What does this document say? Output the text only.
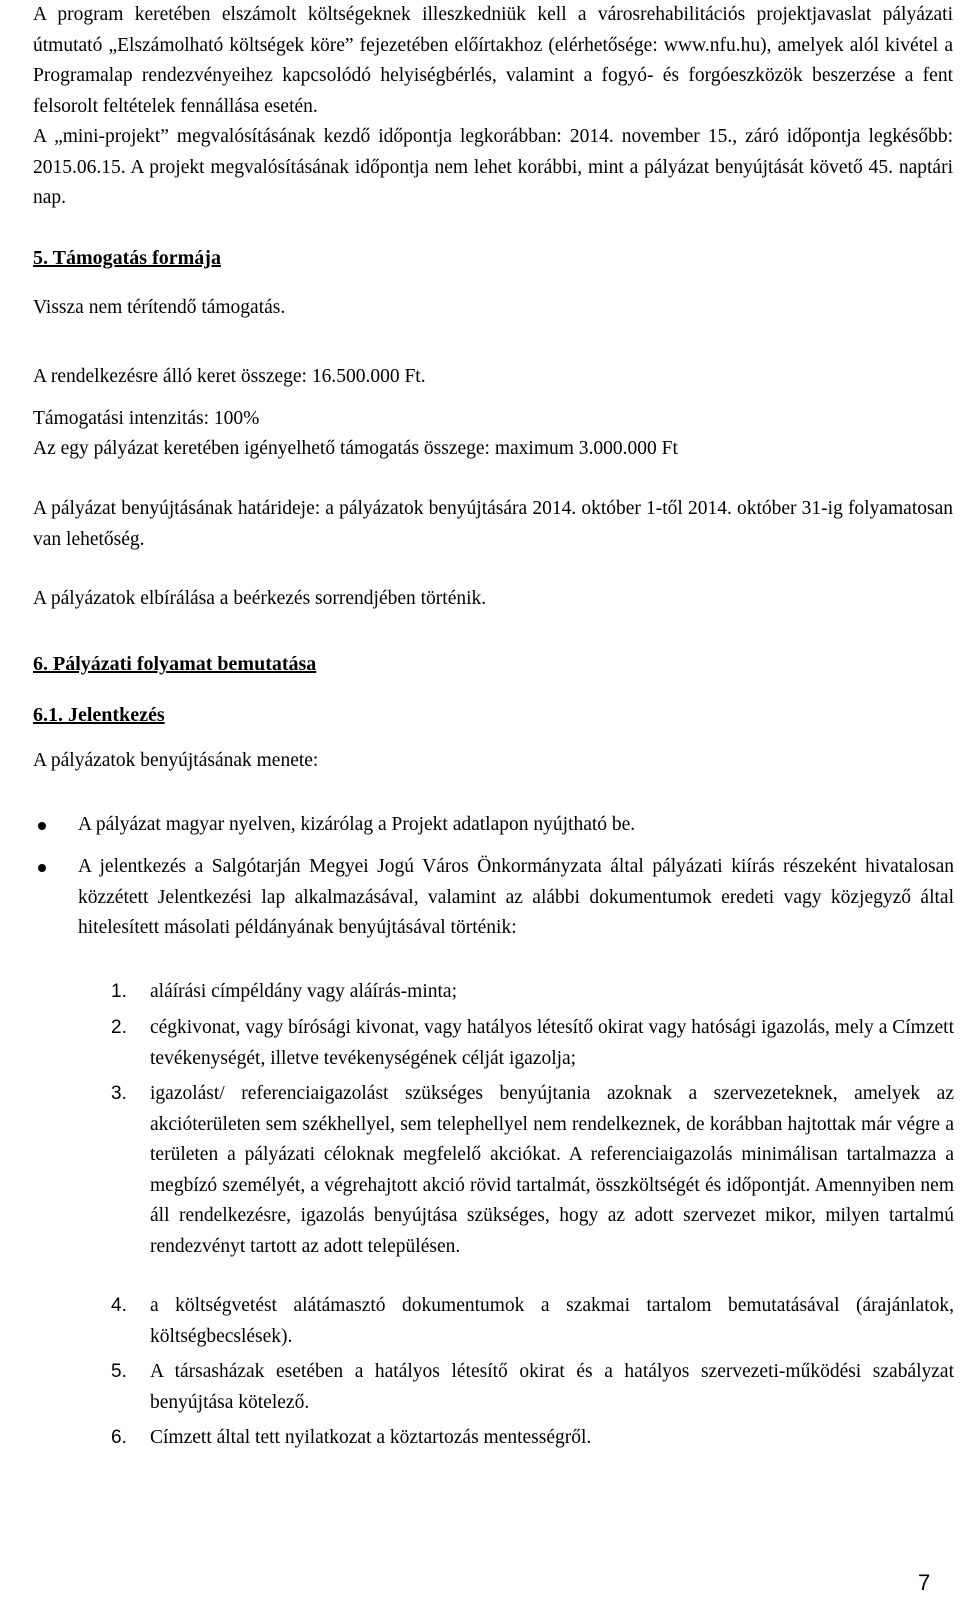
A program keretében elszámolt költségeknek illeszkedniük kell a városrehabilitációs projektjavaslat pályázati útmutató „Elszámolható költségek köre” fejezetében előírtakhoz (elérhetősége: www.nfu.hu), amelyek alól kivétel a Programalap rendezvényeihez kapcsolódó helyiségbérlés, valamint a fogyó- és forgóeszközök beszerzése a fent felsorolt feltételek fennállása esetén.

A „mini-projekt” megvalósításának kezdő időpontja legkorábban: 2014. november 15., záró időpontja legkésőbb: 2015.06.15. A projekt megvalósításának időpontja nem lehet korábbi, mint a pályázat benyújtását követő 45. naptári nap.

5. Támogatás formája

Vissza nem térítendő támogatás.

A rendelkezésre álló keret összege: 16.500.000 Ft.

Támogatási intenzitás: 100%

Az egy pályázat keretében igényelhető támogatás összege: maximum 3.000.000 Ft

A pályázat benyújtásának határideje: a pályázatok benyújtására 2014. október 1-től 2014. október 31-ig folyamatosan van lehetőség.

A pályázatok elbírálása a beérkezés sorrendjében történik.

6. Pályázati folyamat bemutatása
6.1. Jelentkezés

A pályázatok benyújtásának menete:

A pályázat magyar nyelven, kizárólag a Projekt adatlapon nyújtható be.

A jelentkezés a Salgótarján Megyei Jogú Város Önkormányzata által pályázati kiírás részeként hivatalosan közzétett Jelentkezési lap alkalmazásával, valamint az alábbi dokumentumok eredeti vagy közjegyző által hitelesített másolati példányának benyújtásával történik:

1. aláírási címpéldány vagy aláírás-minta;

2. cégkivonat, vagy bírósági kivonat, vagy hatályos létesítő okirat vagy hatósági igazolás, mely a Címzett tevékenységét, illetve tevékenységének célját igazolja;

3. igazolást/ referenciaigazolást szükséges benyújtania azoknak a szervezeteknek, amelyek az akcióterületen sem székhellyel, sem telephellyel nem rendelkeznek, de korábban hajtottak már végre a területen a pályázati céloknak megfelelő akciókat. A referenciaigazolás minimálisan tartalmazza a megbízó személyét, a végrehajtott akció rövid tartalmát, összköltségét és időpontját. Amennyiben nem áll rendelkezésre, igazolás benyújtása szükséges, hogy az adott szervezet mikor, milyen tartalmú rendezvényt tartott az adott településen.

4. a költségvetést alátámasztó dokumentumok a szakmai tartalom bemutatásával (árajánlatok, költségbecslések).

5. A társasházak esetében a hatályos létesítő okirat és a hatályos szervezeti-működési szabályzat benyújtása kötelező.

6. Címzett által tett nyilatkozat a köztartozás mentességről.

7
